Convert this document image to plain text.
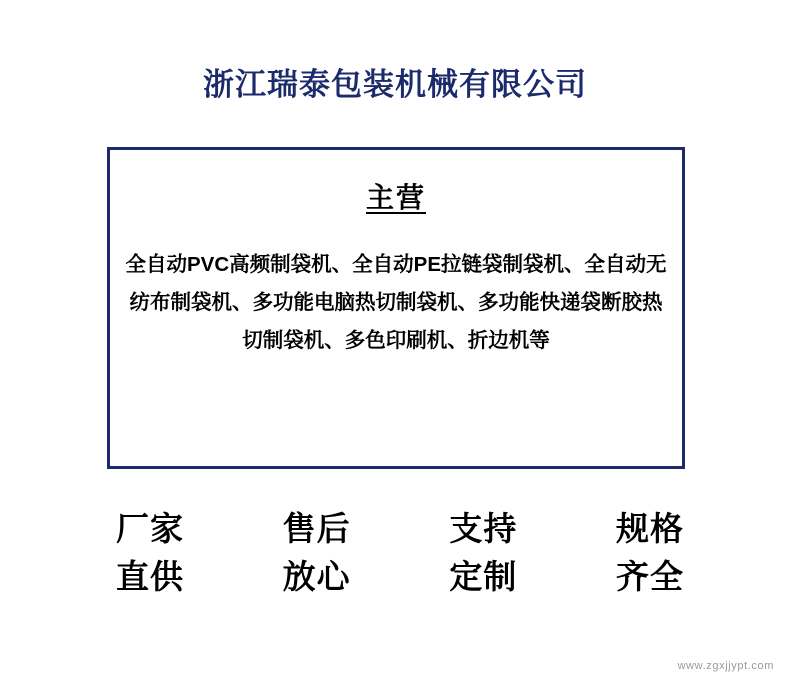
浙江瑞泰包装机械有限公司
主营
全自动PVC高频制袋机、全自动PE拉链袋制袋机、全自动无纺布制袋机、多功能电脑热切制袋机、多功能快递袋断胶热切制袋机、多色印刷机、折边机等
厂家
直供
售后
放心
支持
定制
规格
齐全
www.zgxjjypt.com
